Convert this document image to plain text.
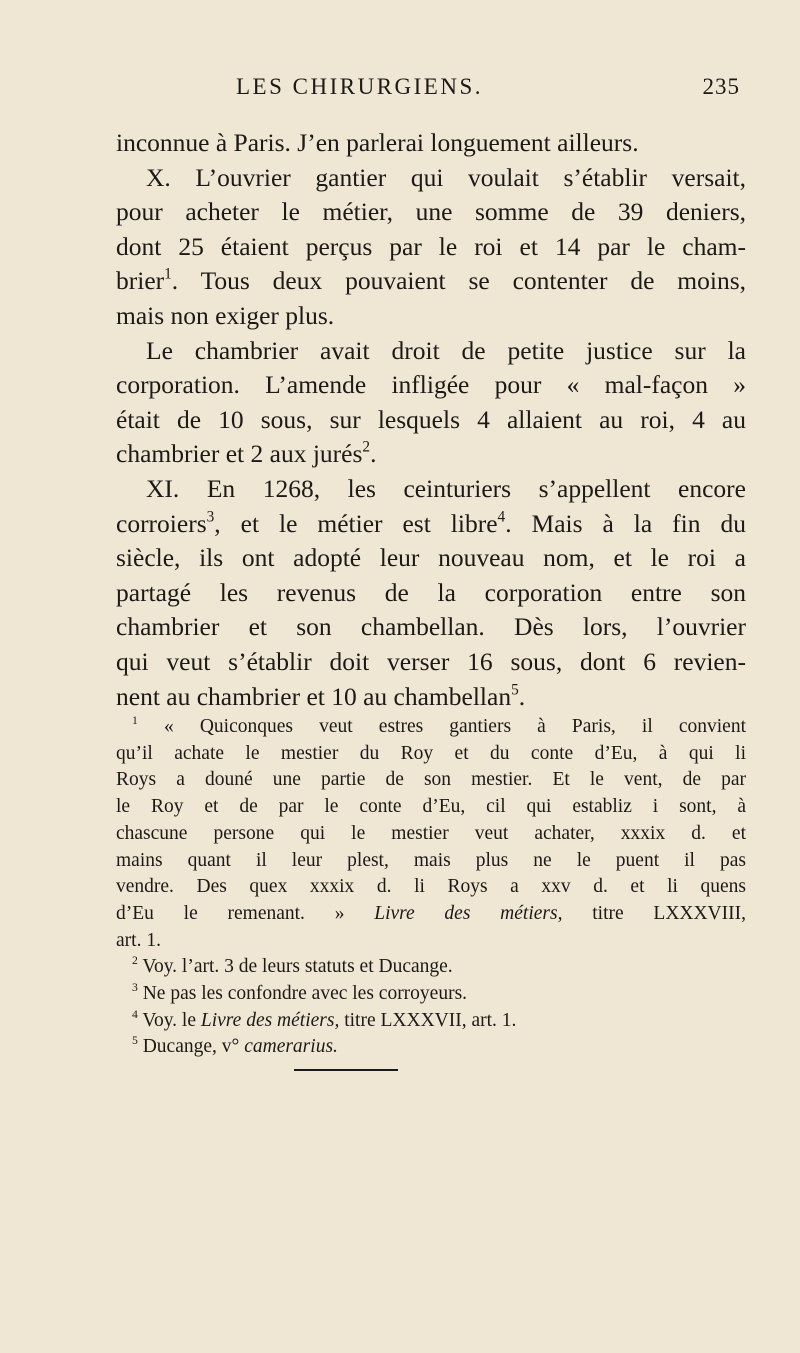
LES CHIRURGIENS.	235
inconnue à Paris. J’en parlerai longuement ailleurs.
X. L’ouvrier gantier qui voulait s’établir versait,
pour acheter le métier, une somme de 39 deniers,
dont 25 étaient perçus par le roi et 14 par le cham-
brier$^1$. Tous deux pouvaient se contenter de moins,
mais non exiger plus.
Le chambrier avait droit de petite justice sur la
corporation. L’amende infligée pour « mal-façon »
était de 10 sous, sur lesquels 4 allaient au roi, 4 au
chambrier et 2 aux jurés$^2$.
XI. En 1268, les ceinturiers s’appellent encore
corroiers$^3$, et le métier est libre$^4$. Mais à la fin du
siècle, ils ont adopté leur nouveau nom, et le roi a
partagé les revenus de la corporation entre son
chambrier et son chambellan. Dès lors, l’ouvrier
qui veut s’établir doit verser 16 sous, dont 6 revien-
nent au chambrier et 10 au chambellan$^5$.
$^1$ « Quiconques veut estres gantiers à Paris, il convient
qu’il achate le mestier du Roy et du conte d’Eu, à qui li
Roys a douné une partie de son mestier. Et le vent, de par
le Roy et de par le conte d’Eu, cil qui establiz i sont, à
chascune persone qui le mestier veut achater, xxxix d. et
mains quant il leur plest, mais plus ne le puent il pas
vendre. Des quex xxxix d. li Roys a xxv d. et li quens
d’Eu le remenant. » Livre des métiers, titre LXXXVIII,
art. 1.
$^2$ Voy. l’art. 3 de leurs statuts et Ducange.
$^3$ Ne pas les confondre avec les corroyeurs.
$^4$ Voy. le Livre des métiers, titre LXXXVII, art. 1.
$^5$ Ducange, v° camerarius.
